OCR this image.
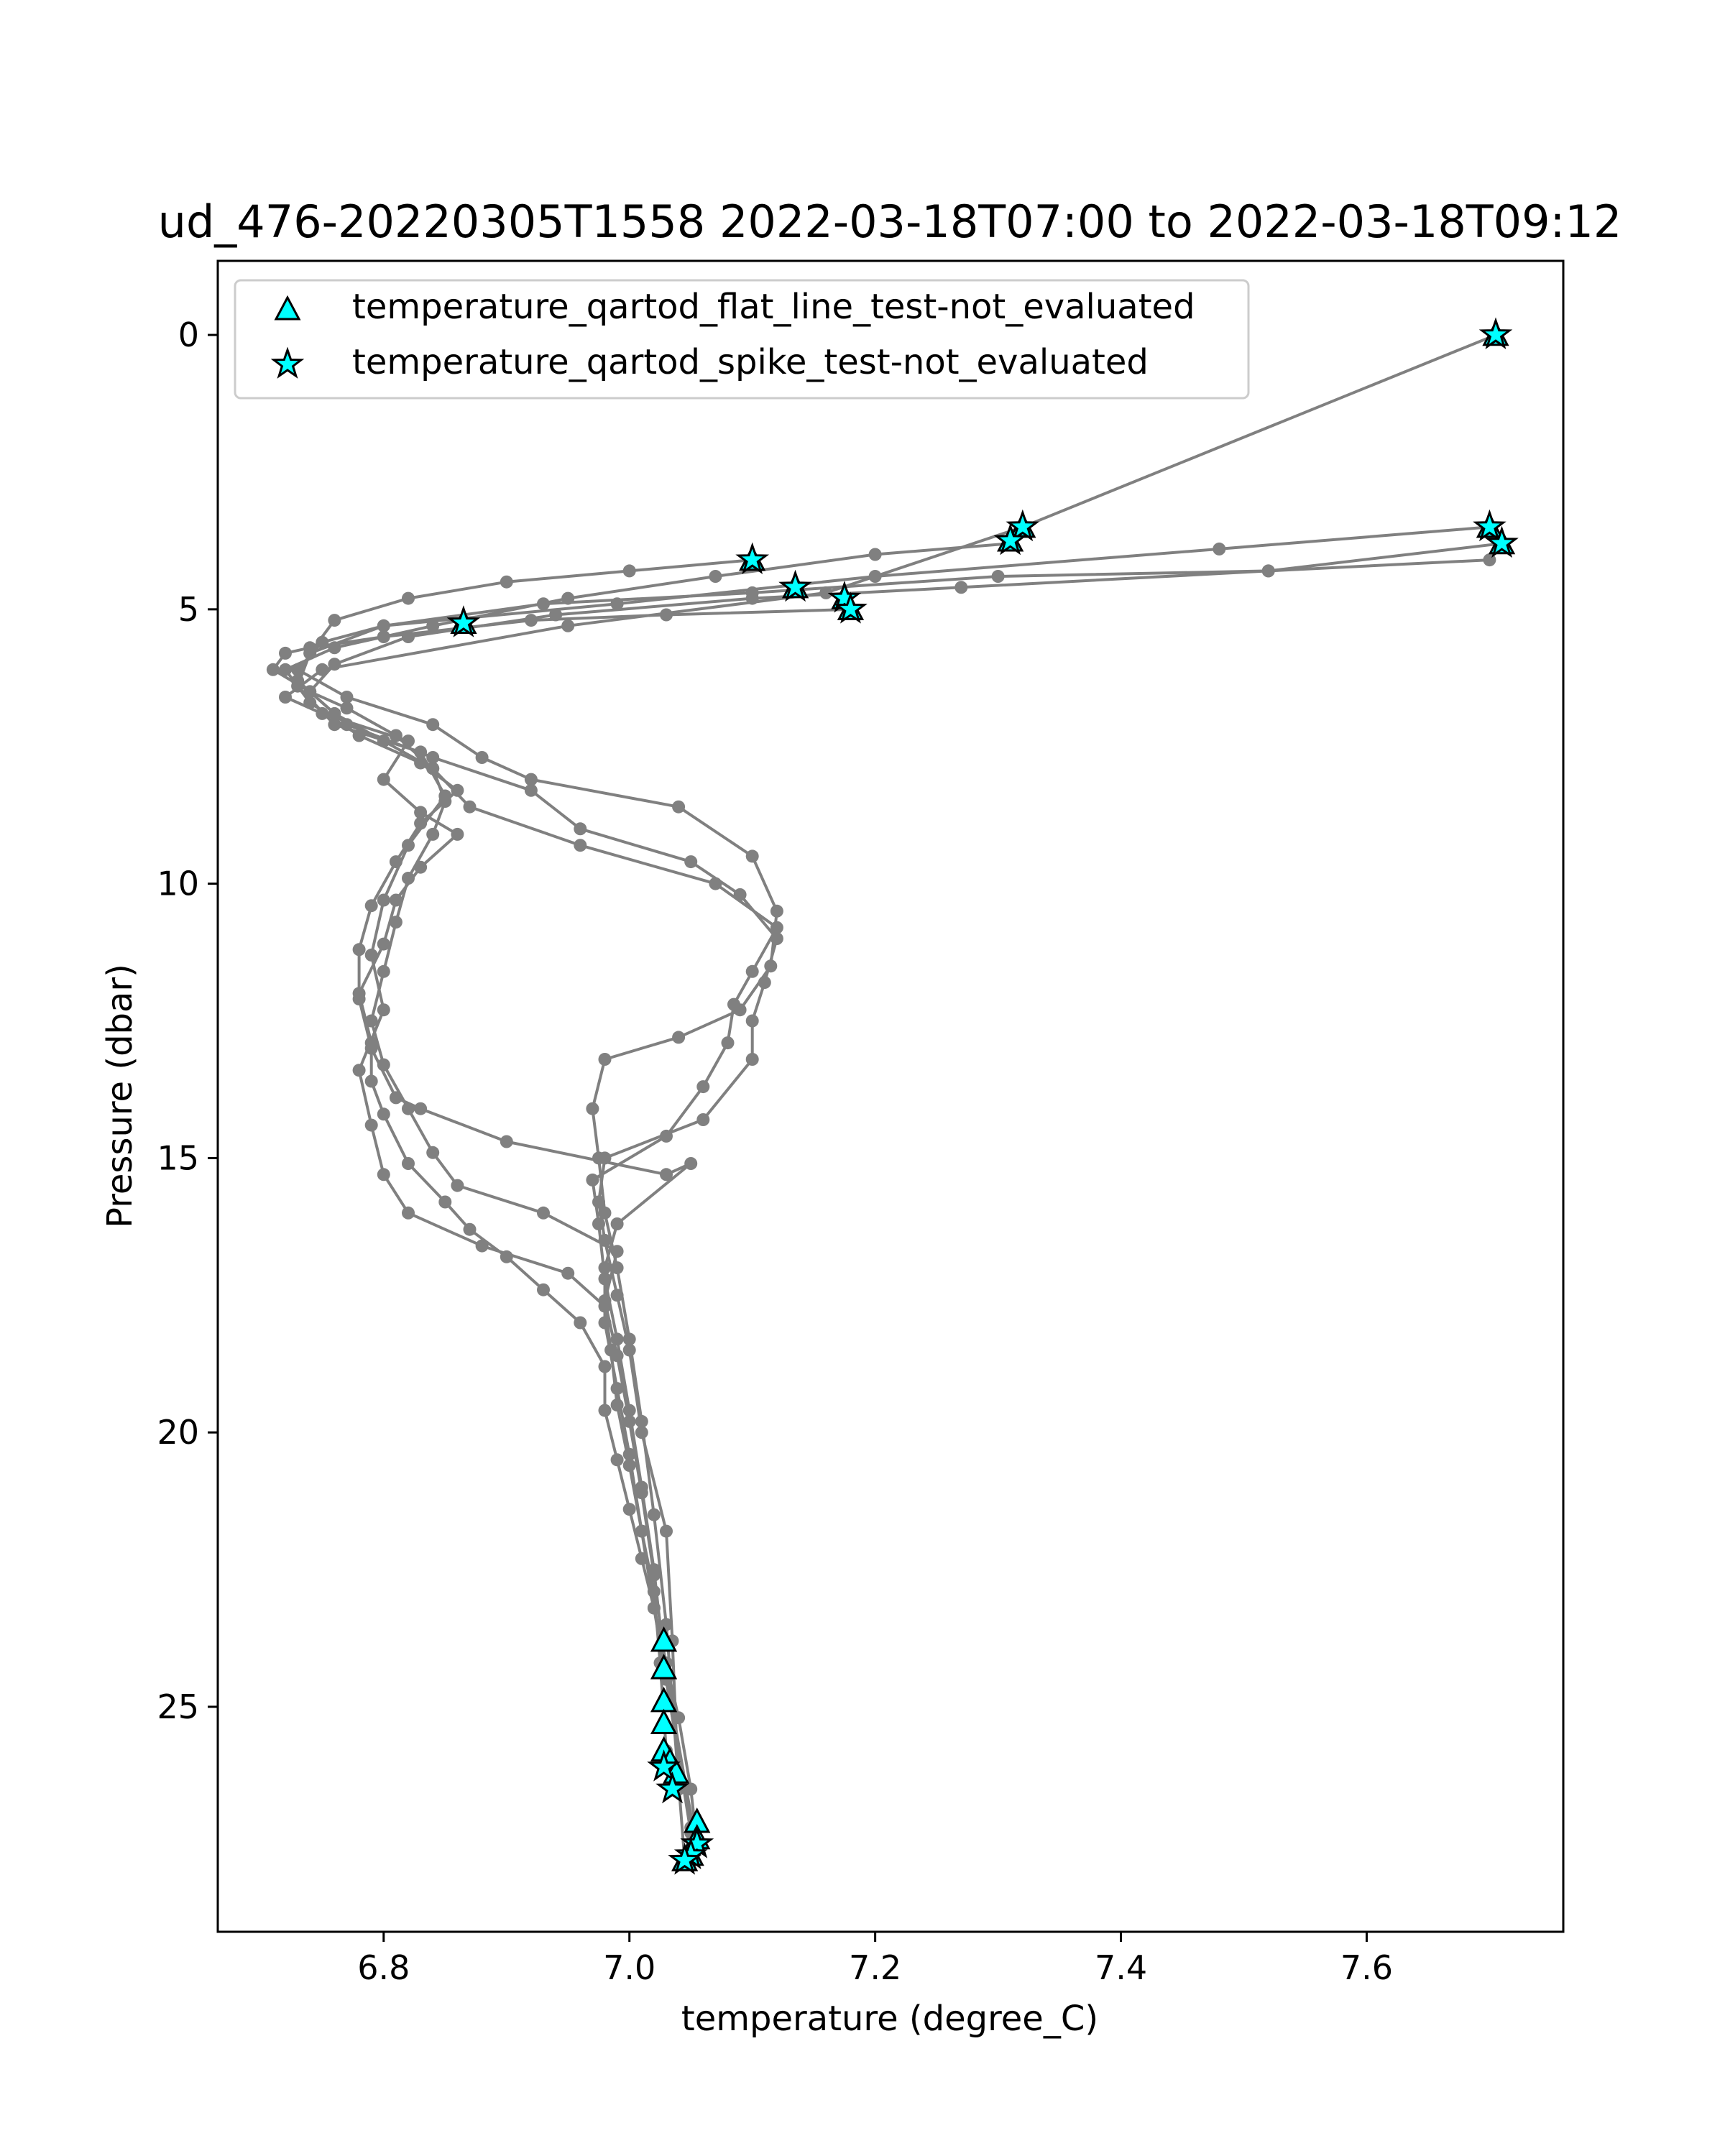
ud_476-20220305T1558 2022-03-18T07:00 to 2022-03-18T09:12
6.8	7.0	7.2	7.4	7.6
0
5
10
15
20
25
temperature (degree_C)
Pressure (dbar)
temperature_qartod_flat_line_test-not_evaluated
temperature_qartod_spike_test-not_evaluated
